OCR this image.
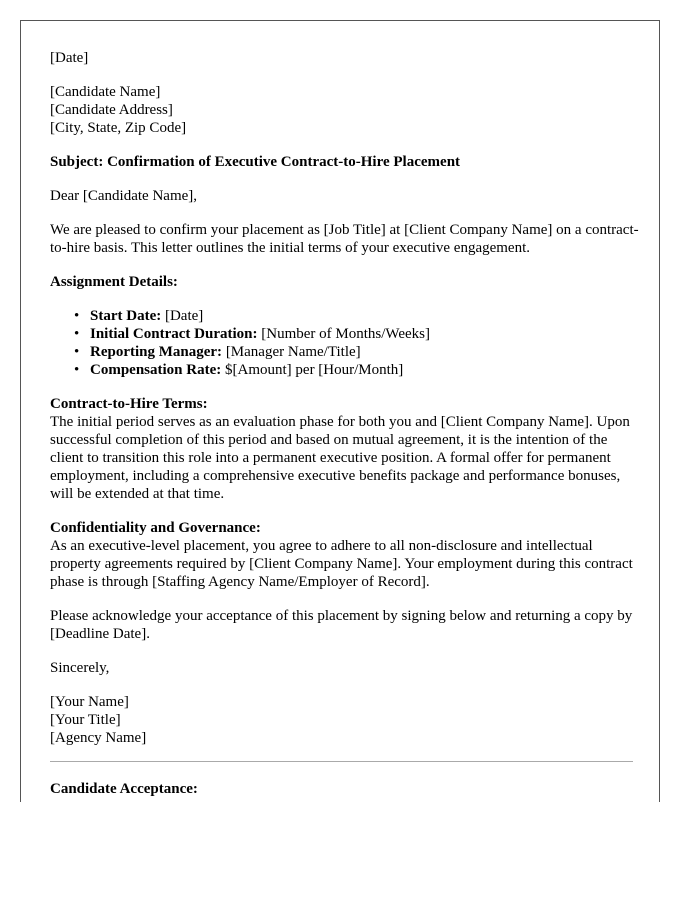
[Date]

[Candidate Name]
[Candidate Address]
[City, State, Zip Code]

Subject: Confirmation of Executive Contract-to-Hire Placement

Dear [Candidate Name],

We are pleased to confirm your placement as [Job Title] at [Client Company Name] on a contract-to-hire basis. This letter outlines the initial terms of your executive engagement.

Assignment Details:

• Start Date: [Date]
• Initial Contract Duration: [Number of Months/Weeks]
• Reporting Manager: [Manager Name/Title]
• Compensation Rate: $[Amount] per [Hour/Month]

Contract-to-Hire Terms:
The initial period serves as an evaluation phase for both you and [Client Company Name]. Upon successful completion of this period and based on mutual agreement, it is the intention of the client to transition this role into a permanent executive position. A formal offer for permanent employment, including a comprehensive executive benefits package and performance bonuses, will be extended at that time.

Confidentiality and Governance:
As an executive-level placement, you agree to adhere to all non-disclosure and intellectual property agreements required by [Client Company Name]. Your employment during this contract phase is through [Staffing Agency Name/Employer of Record].

Please acknowledge your acceptance of this placement by signing below and returning a copy by [Deadline Date].

Sincerely,

[Your Name]
[Your Title]
[Agency Name]

Candidate Acceptance:
